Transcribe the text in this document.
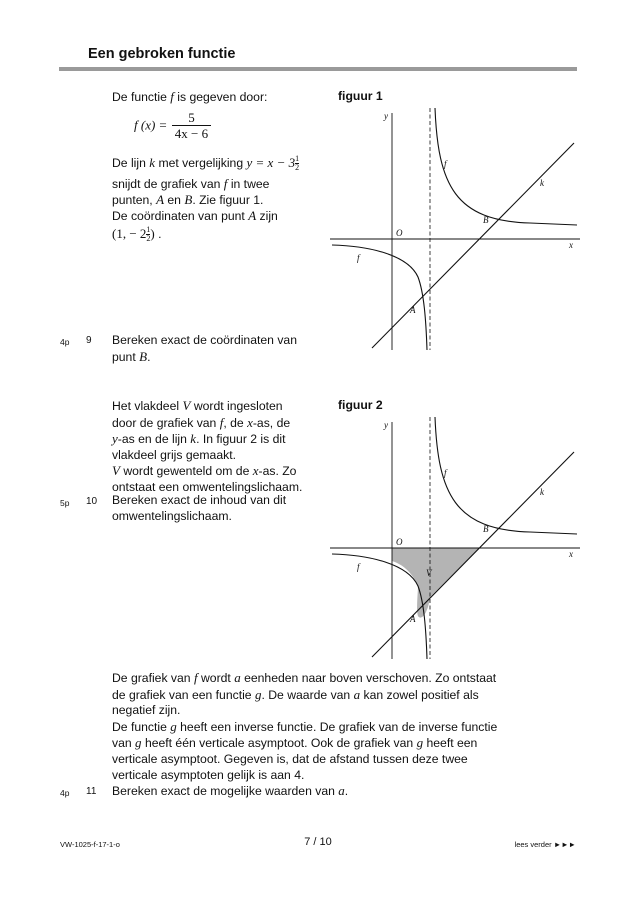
Een gebroken functie
De functie f is gegeven door:
f $(x) = \frac{5}{4x - 6}$
De lijn k met vergelijking $y = x - 3 \frac{1}{2}$
snijdt de grafiek van f in twee
punten, A en B. Zie figuur 1.
De coördinaten van punt A zijn
(1, − $2 \frac{1}{2}$ ) .
4p 9 Bereken exact de coördinaten van
punt B.
Het vlakdeel V wordt ingesloten
door de grafiek van f, de x-as, de
y-as en de lijn k. In figuur 2 is dit
vlakdeel grijs gemaakt.
V wordt gewenteld om de x-as. Zo
ontstaat een omwentelingslichaam.
5p 10 Bereken exact de inhoud van dit
omwentelingslichaam.
De grafiek van f wordt a eenheden naar boven verschoven. Zo ontstaat
de grafiek van een functie g. De waarde van a kan zowel positief als
negatief zijn.
De functie g heeft een inverse functie. De grafiek van de inverse functie
van g heeft één verticale asymptoot. Ook de grafiek van g heeft een
verticale asymptoot. Gegeven is, dat de afstand tussen deze twee
verticale asymptoten gelijk is aan 4.
4p 11 Bereken exact de mogelijke waarden van a.
figuur 1
figuur 2
y
x
O
f
f
k
B
A
y
x
O
f
f
k
B
A
V
VW-1025-f-17-1-o	7 / 10	lees verder ►►►
